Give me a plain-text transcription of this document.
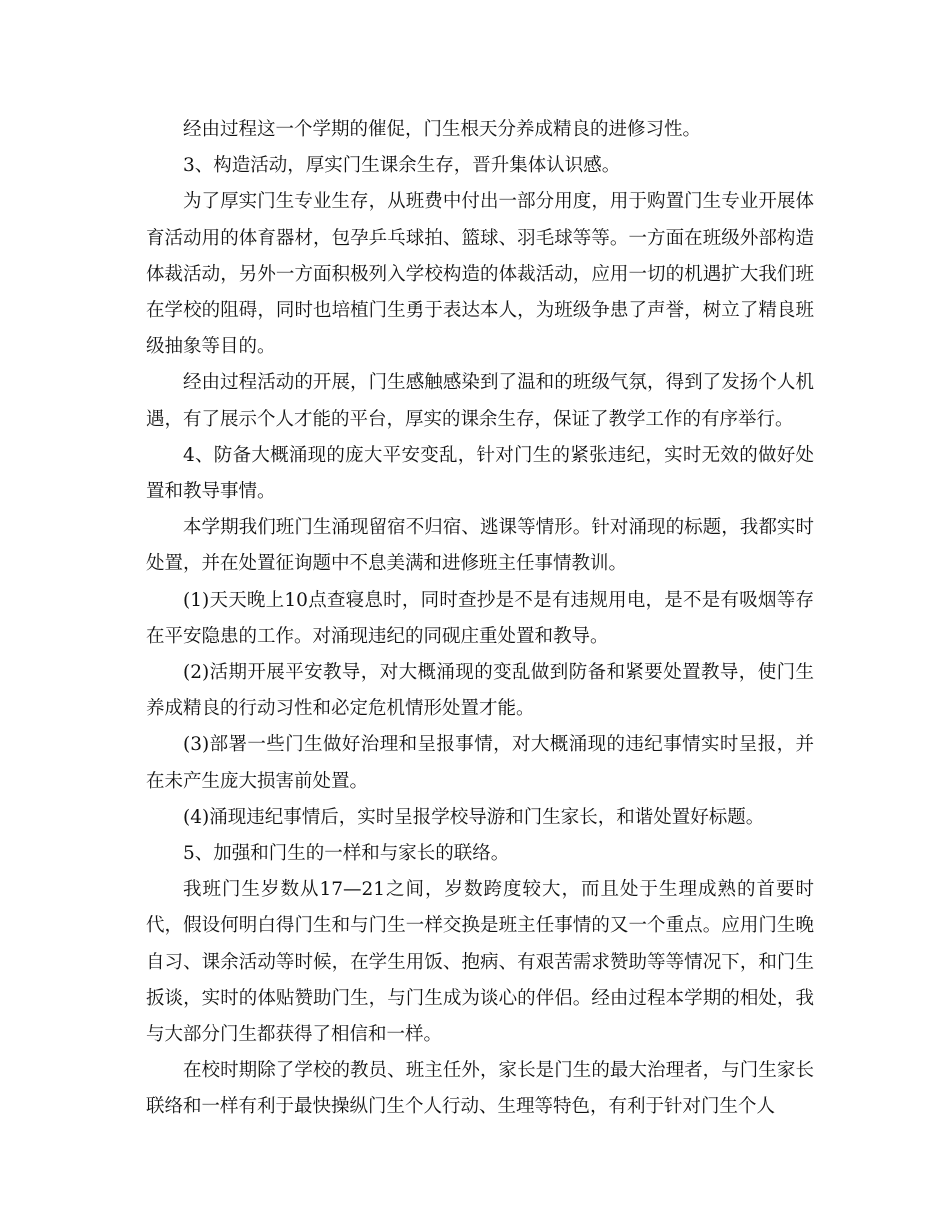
经由过程这一个学期的催促，门生根天分养成精良的进修习性。

3、构造活动，厚实门生课余生存，晋升集体认识感。

为了厚实门生专业生存，从班费中付出一部分用度，用于购置门生专业开展体育活动用的体育器材，包孕乒乓球拍、篮球、羽毛球等等。一方面在班级外部构造体裁活动，另外一方面积极列入学校构造的体裁活动，应用一切的机遇扩大我们班在学校的阻碍，同时也培植门生勇于表达本人，为班级争患了声誉，树立了精良班级抽象等目的。

经由过程活动的开展，门生感触感染到了温和的班级气氛，得到了发扬个人机遇，有了展示个人才能的平台，厚实的课余生存，保证了教学工作的有序举行。

4、防备大概涌现的庞大平安变乱，针对门生的紧张违纪，实时无效的做好处置和教导事情。

本学期我们班门生涌现留宿不归宿、逃课等情形。针对涌现的标题，我都实时处置，并在处置征询题中不息美满和进修班主任事情教训。

(1)天天晚上10点查寝息时，同时查抄是不是有违规用电，是不是有吸烟等存在平安隐患的工作。对涌现违纪的同砚庄重处置和教导。

(2)活期开展平安教导，对大概涌现的变乱做到防备和紧要处置教导，使门生养成精良的行动习性和必定危机情形处置才能。

(3)部署一些门生做好治理和呈报事情，对大概涌现的违纪事情实时呈报，并在未产生庞大损害前处置。

(4)涌现违纪事情后，实时呈报学校导游和门生家长，和谐处置好标题。

5、加强和门生的一样和与家长的联络。

我班门生岁数从17—21之间，岁数跨度较大，而且处于生理成熟的首要时代，假设何明白得门生和与门生一样交换是班主任事情的又一个重点。应用门生晚自习、课余活动等时候，在学生用饭、抱病、有艰苦需求赞助等等情况下，和门生扳谈，实时的体贴赞助门生，与门生成为谈心的伴侣。经由过程本学期的相处，我与大部分门生都获得了相信和一样。

在校时期除了学校的教员、班主任外，家长是门生的最大治理者，与门生家长联络和一样有利于最快操纵门生个人行动、生理等特色，有利于针对门生个人
